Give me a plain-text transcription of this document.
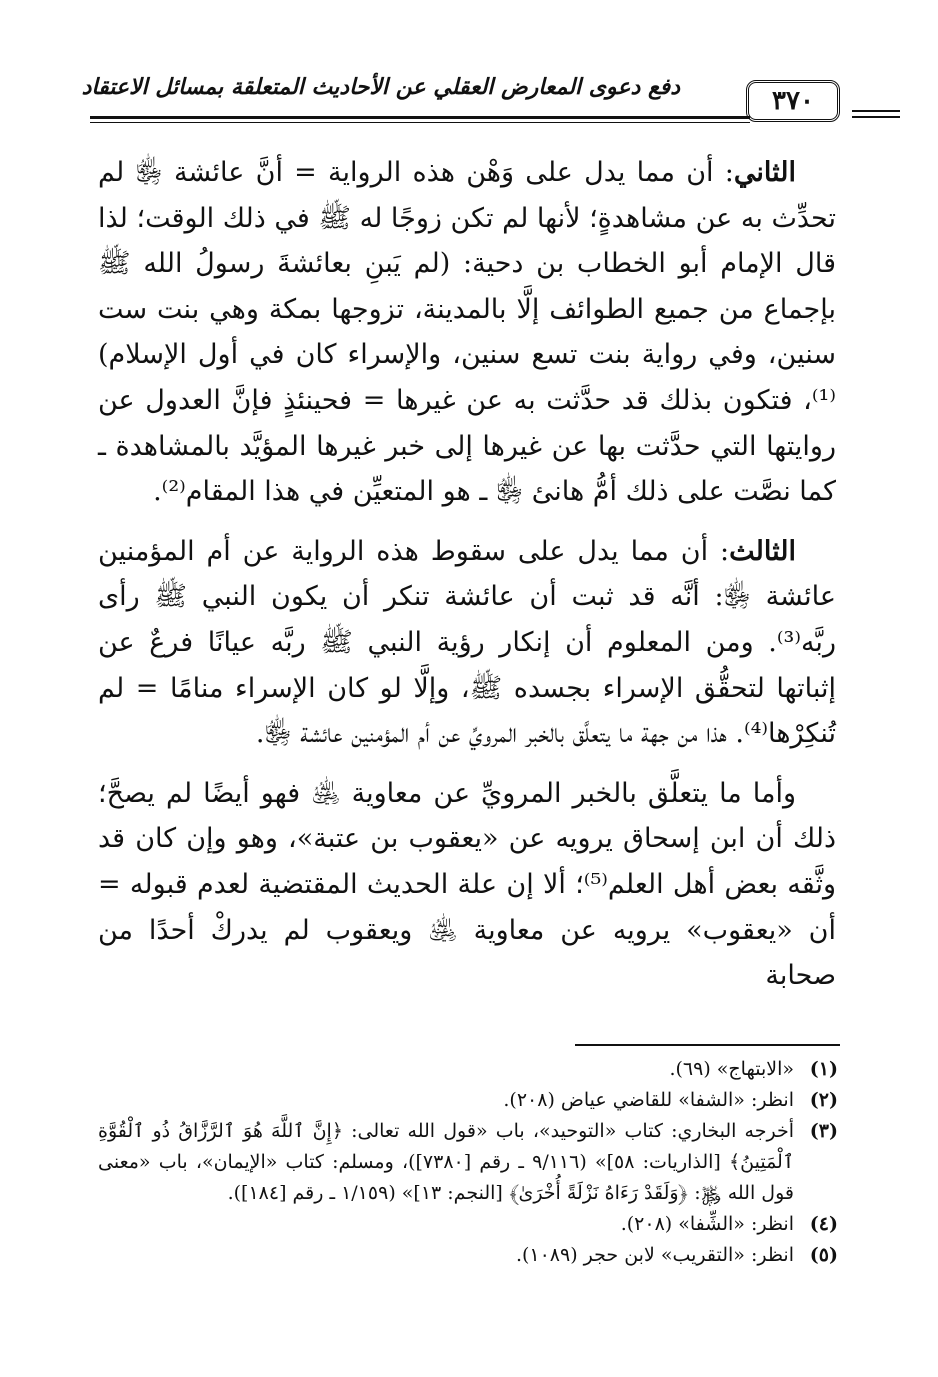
٣٧٠
دفع دعوى المعارض العقلي عن الأحاديث المتعلقة بمسائل الاعتقاد

الثاني: أن مما يدل على وَهْن هذه الرواية = أنَّ عائشة ﵂ لم تحدِّث به عن مشاهدةٍ؛ لأنها لم تكن زوجًا له ﷺ في ذلك الوقت؛ لذا قال الإمام أبو الخطاب بن دحية: (لم يَبنِ بعائشةَ رسولُ الله ﷺ بإجماع من جميع الطوائف إلَّا بالمدينة، تزوجها بمكة وهي بنت ست سنين، وفي رواية بنت تسع سنين، والإسراء كان في أول الإسلام)⁽¹⁾، فتكون بذلك قد حدَّثت به عن غيرها = فحينئذٍ فإنَّ العدول عن روايتها التي حدَّثت بها عن غيرها إلى خبر غيرها المؤيَّد بالمشاهدة ـ كما نصَّت على ذلك أمُّ هانئ ﵂ ـ هو المتعيِّن في هذا المقام⁽²⁾.

الثالث: أن مما يدل على سقوط هذه الرواية عن أم المؤمنين عائشة ﵂: أنَّه قد ثبت أن عائشة تنكر أن يكون النبي ﷺ رأى ربَّه⁽³⁾. ومن المعلوم أن إنكار رؤية النبي ﷺ ربَّه عيانًا فرعٌ عن إثباتها لتحقُّق الإسراء بجسده ﷺ، وإلَّا لو كان الإسراء منامًا = لم تُنكِرْها⁽⁴⁾. هذا من جهة ما يتعلَّق بالخبر المرويِّ عن أم المؤمنين عائشة ﵂.

وأما ما يتعلَّق بالخبر المرويِّ عن معاوية ﵁ فهو أيضًا لم يصحَّ؛ ذلك أن ابن إسحاق يرويه عن «يعقوب بن عتبة»، وهو وإن كان قد وثَّقه بعض أهل العلم⁽⁵⁾؛ ألا إن علة الحديث المقتضية لعدم قبوله = أن «يعقوب» يرويه عن معاوية ﵁ ويعقوب لم يدركْ أحدًا من صحابة

(١)
«الابتهاج» (٦٩).
(٢)
انظر: «الشفا» للقاضي عياض (٢٠٨).
(٣)
أخرجه البخاري: كتاب «التوحيد»، باب «قول الله تعالى: ﴿إِنَّ ٱللَّهَ هُوَ ٱلرَّزَّاقُ ذُو ٱلْقُوَّةِ ٱلْمَتِينُ﴾ [الذاريات: ٥٨]» (٩/١١٦ ـ رقم [٧٣٨٠])، ومسلم: كتاب «الإيمان»، باب «معنى قول الله ﷿: ﴿وَلَقَدْ رَءَاهُ نَزْلَةً أُخْرَىٰ﴾ [النجم: ١٣]» (١/١٥٩ ـ رقم [١٨٤]).
(٤)
انظر: «الشِّفا» (٢٠٨).
(٥)
انظر: «التقريب» لابن حجر (١٠٨٩).
